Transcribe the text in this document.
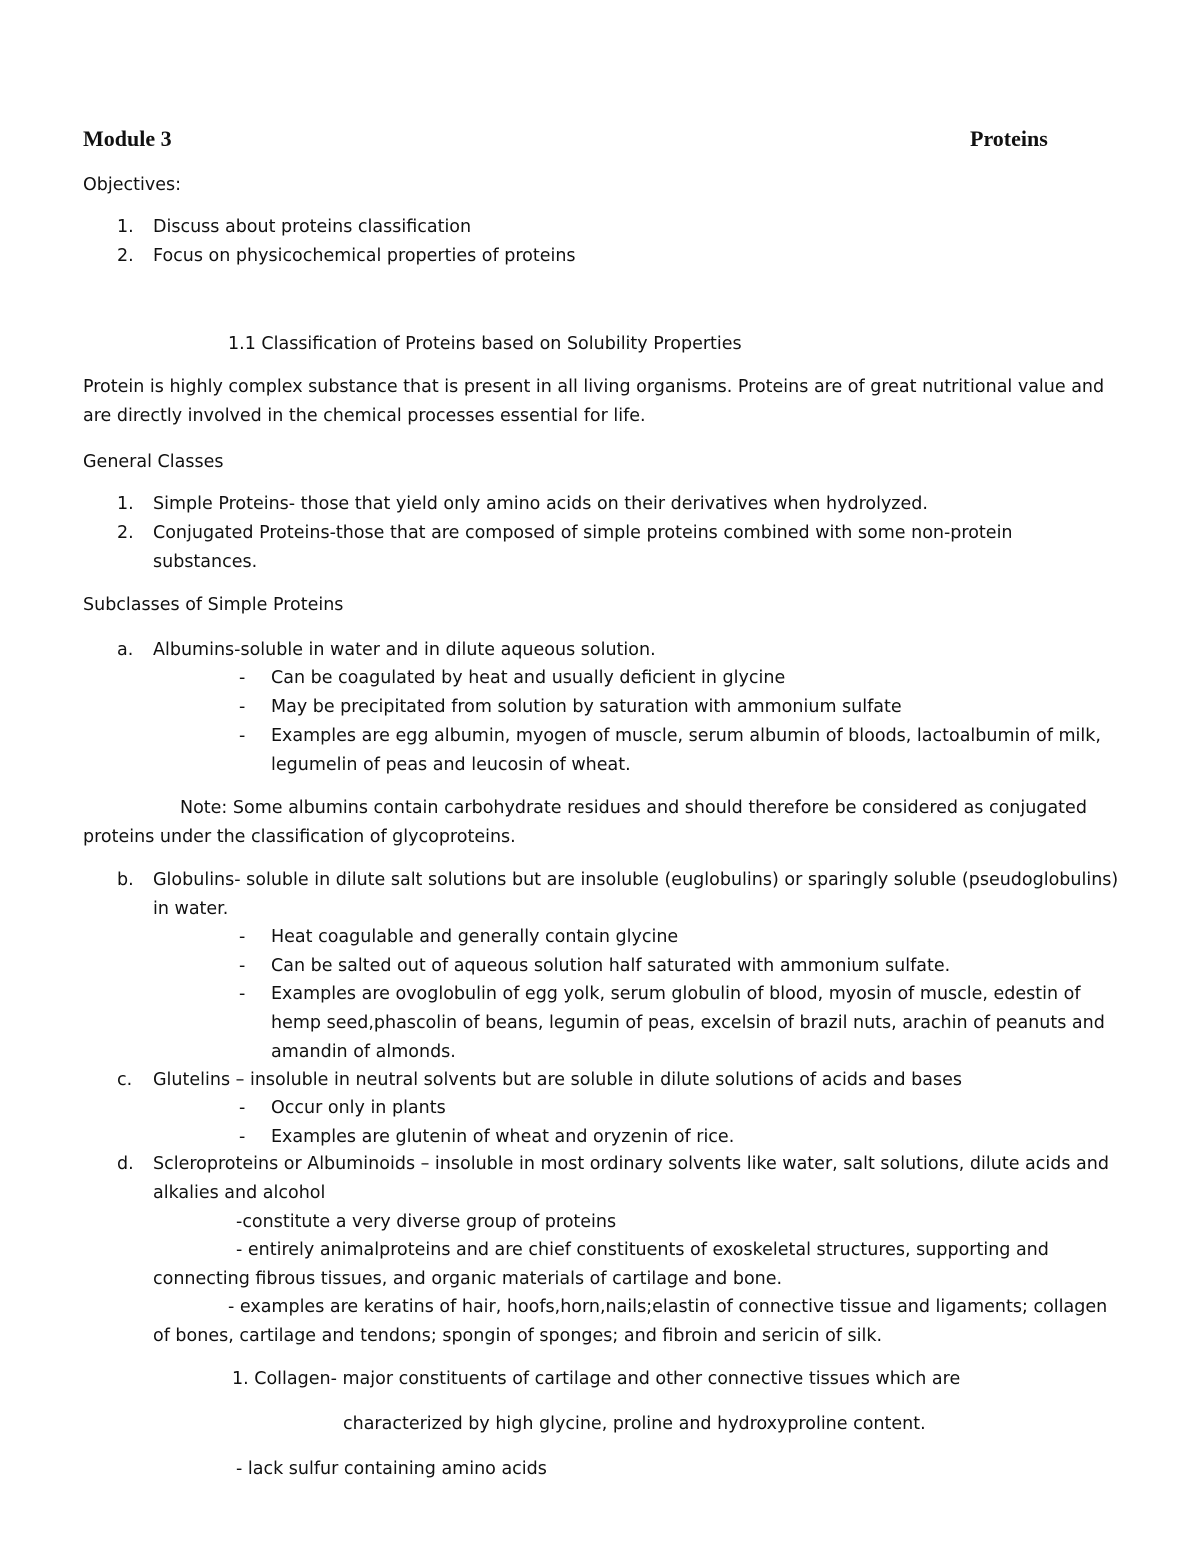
Module 3	Proteins
Objectives:
1. Discuss about proteins classification
2. Focus on physicochemical properties of proteins
1.1 Classification of Proteins based on Solubility Properties
Protein is highly complex substance that is present in all living organisms. Proteins are of great nutritional value and
are directly involved in the chemical processes essential for life.
General Classes
1. Simple Proteins- those that yield only amino acids on their derivatives when hydrolyzed.
2. Conjugated Proteins-those that are composed of simple proteins combined with some non-protein
substances.
Subclasses of Simple Proteins
a. Albumins-soluble in water and in dilute aqueous solution.
- Can be coagulated by heat and usually deficient in glycine
- May be precipitated from solution by saturation with ammonium sulfate
- Examples are egg albumin, myogen of muscle, serum albumin of bloods, lactoalbumin of milk,
legumelin of peas and leucosin of wheat.
Note: Some albumins contain carbohydrate residues and should therefore be considered as conjugated
proteins under the classification of glycoproteins.
b. Globulins- soluble in dilute salt solutions but are insoluble (euglobulins) or sparingly soluble (pseudoglobulins)
in water.
- Heat coagulable and generally contain glycine
- Can be salted out of aqueous solution half saturated with ammonium sulfate.
- Examples are ovoglobulin of egg yolk, serum globulin of blood, myosin of muscle, edestin of
hemp seed,phascolin of beans, legumin of peas, excelsin of brazil nuts, arachin of peanuts and
amandin of almonds.
c. Glutelins – insoluble in neutral solvents but are soluble in dilute solutions of acids and bases
- Occur only in plants
- Examples are glutenin of wheat and oryzenin of rice.
d. Scleroproteins or Albuminoids – insoluble in most ordinary solvents like water, salt solutions, dilute acids and
alkalies and alcohol
-constitute a very diverse group of proteins
- entirely animalproteins and are chief constituents of exoskeletal structures, supporting and
connecting fibrous tissues, and organic materials of cartilage and bone.
- examples are keratins of hair, hoofs,horn,nails;elastin of connective tissue and ligaments; collagen
of bones, cartilage and tendons; spongin of sponges; and fibroin and sericin of silk.
1. Collagen- major constituents of cartilage and other connective tissues which are
characterized by high glycine, proline and hydroxyproline content.
- lack sulfur containing amino acids
